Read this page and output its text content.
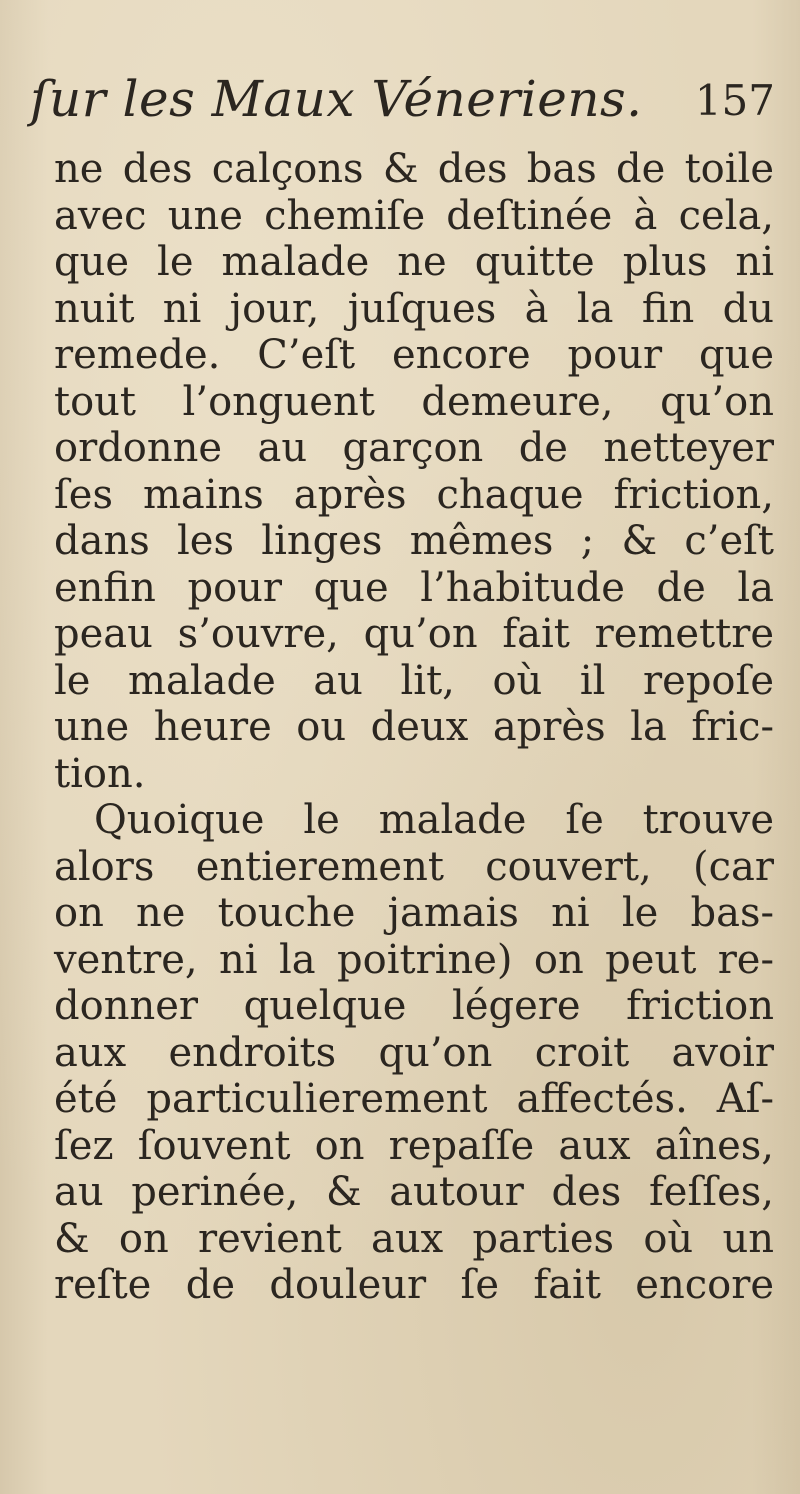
ſur les Maux Véneriens. 157
ne des calçons & des bas de toile
avec une chemiſe deſtinée à cela,
que le malade ne quitte plus ni
nuit ni jour, juſques à la fin du
remede. C’eſt encore pour que
tout l’onguent demeure, qu’on
ordonne au garçon de netteyer
ſes mains après chaque friction,
dans les linges mêmes ; & c’eſt
enfin pour que l’habitude de la
peau s’ouvre, qu’on fait remettre
le malade au lit, où il repoſe
une heure ou deux après la fric-
tion.
Quoique le malade ſe trouve
alors entierement couvert, (car
on ne touche jamais ni le bas-
ventre, ni la poitrine) on peut re-
donner quelque légere friction
aux endroits qu’on croit avoir
été particulierement affectés. Aſ-
ſez ſouvent on repaſſe aux aînes,
au perinée, & autour des feſſes,
& on revient aux parties où un
reſte de douleur ſe fait encore
